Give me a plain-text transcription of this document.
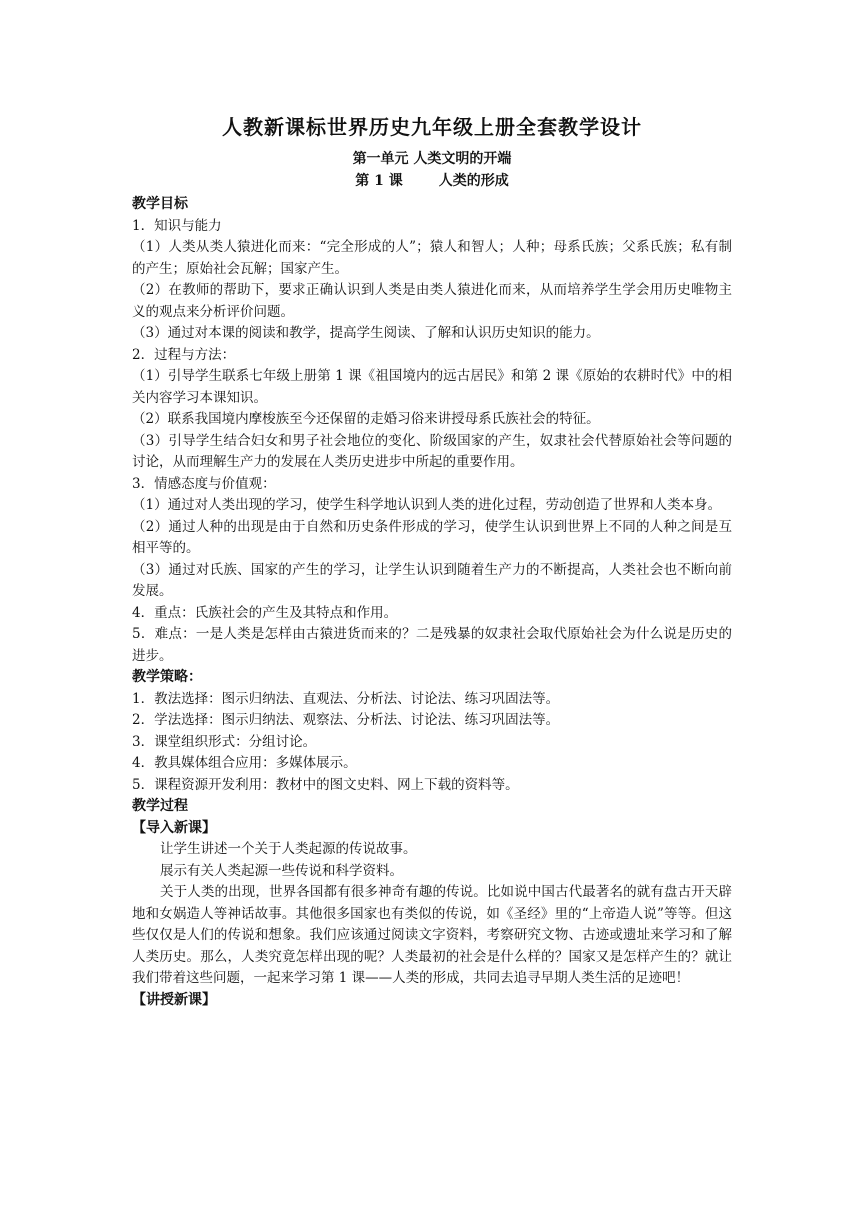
人教新课标世界历史九年级上册全套教学设计
第一单元 人类文明的开端
第 1 课	人类的形成
教学目标
1．知识与能力
（1）人类从类人猿进化而来：“完全形成的人”；猿人和智人；人种；母系氏族；父系氏族；私有制的产生；原始社会瓦解；国家产生。
（2）在教师的帮助下，要求正确认识到人类是由类人猿进化而来，从而培养学生学会用历史唯物主义的观点来分析评价问题。
（3）通过对本课的阅读和教学，提高学生阅读、了解和认识历史知识的能力。
2．过程与方法：
（1）引导学生联系七年级上册第 1 课《祖国境内的远古居民》和第 2 课《原始的农耕时代》中的相关内容学习本课知识。
（2）联系我国境内摩梭族至今还保留的走婚习俗来讲授母系氏族社会的特征。
（3）引导学生结合妇女和男子社会地位的变化、阶级国家的产生，奴隶社会代替原始社会等问题的讨论，从而理解生产力的发展在人类历史进步中所起的重要作用。
3．情感态度与价值观：
（1）通过对人类出现的学习，使学生科学地认识到人类的进化过程，劳动创造了世界和人类本身。
（2）通过人种的出现是由于自然和历史条件形成的学习，使学生认识到世界上不同的人种之间是互相平等的。
（3）通过对氏族、国家的产生的学习，让学生认识到随着生产力的不断提高，人类社会也不断向前发展。
4．重点：氏族社会的产生及其特点和作用。
5．难点：一是人类是怎样由古猿进货而来的？二是残暴的奴隶社会取代原始社会为什么说是历史的进步。
教学策略：
1．教法选择：图示归纳法、直观法、分析法、讨论法、练习巩固法等。
2．学法选择：图示归纳法、观察法、分析法、讨论法、练习巩固法等。
3．课堂组织形式：分组讨论。
4．教具媒体组合应用：多媒体展示。
5．课程资源开发利用：教材中的图文史料、网上下载的资料等。
教学过程
【导入新课】
让学生讲述一个关于人类起源的传说故事。
展示有关人类起源一些传说和科学资料。
关于人类的出现，世界各国都有很多神奇有趣的传说。比如说中国古代最著名的就有盘古开天辟地和女娲造人等神话故事。其他很多国家也有类似的传说，如《圣经》里的“上帝造人说”等等。但这些仅仅是人们的传说和想象。我们应该通过阅读文字资料，考察研究文物、古迹或遗址来学习和了解人类历史。那么，人类究竟怎样出现的呢？人类最初的社会是什么样的？国家又是怎样产生的？就让我们带着这些问题，一起来学习第 1 课——人类的形成，共同去追寻早期人类生活的足迹吧！
【讲授新课】
